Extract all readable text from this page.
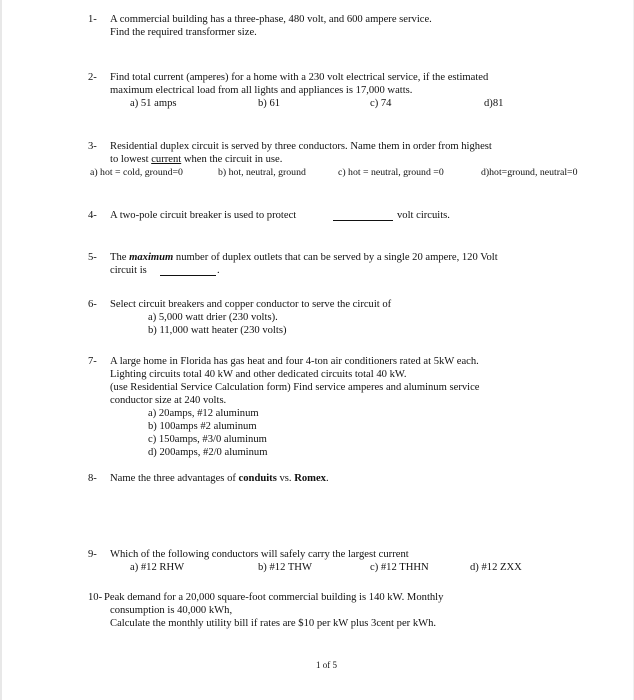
1- A commercial building has a three-phase, 480 volt, and 600 ampere service.
Find the required transformer size.
2- Find total current (amperes) for a home with a 230 volt electrical service, if the estimated
maximum electrical load from all lights and appliances is 17,000 watts.
a) 51 amps	b) 61	c) 74	d)81
3- Residential duplex circuit is served by three conductors. Name them in order from highest
to lowest current when the circuit in use.
a) hot = cold, ground=0	b) hot, neutral, ground	c) hot = neutral, ground =0	d)hot=ground, neutral=0
4- A two-pole circuit breaker is used to protect	volt circuits.
5- The maximum number of duplex outlets that can be served by a single 20 ampere, 120 Volt
circuit is	.
6- Select circuit breakers and copper conductor to serve the circuit of
a) 5,000 watt drier (230 volts).
b) 11,000 watt heater (230 volts)
7- A large home in Florida has gas heat and four 4-ton air conditioners rated at 5kW each.
Lighting circuits total 40 kW and other dedicated circuits total 40 kW.
(use Residential Service Calculation form) Find service amperes and aluminum service
conductor size at 240 volts.
a) 20amps, #12 aluminum
b) 100amps #2 aluminum
c) 150amps, #3/0 aluminum
d) 200amps, #2/0 aluminum
8- Name the three advantages of conduits vs. Romex.
9- Which of the following conductors will safely carry the largest current
a) #12 RHW	b) #12 THW	c) #12 THHN	d) #12 ZXX
10- Peak demand for a 20,000 square-foot commercial building is 140 kW. Monthly
consumption is 40,000 kWh,
Calculate the monthly utility bill if rates are $10 per kW plus 3cent per kWh.
1 of 5
